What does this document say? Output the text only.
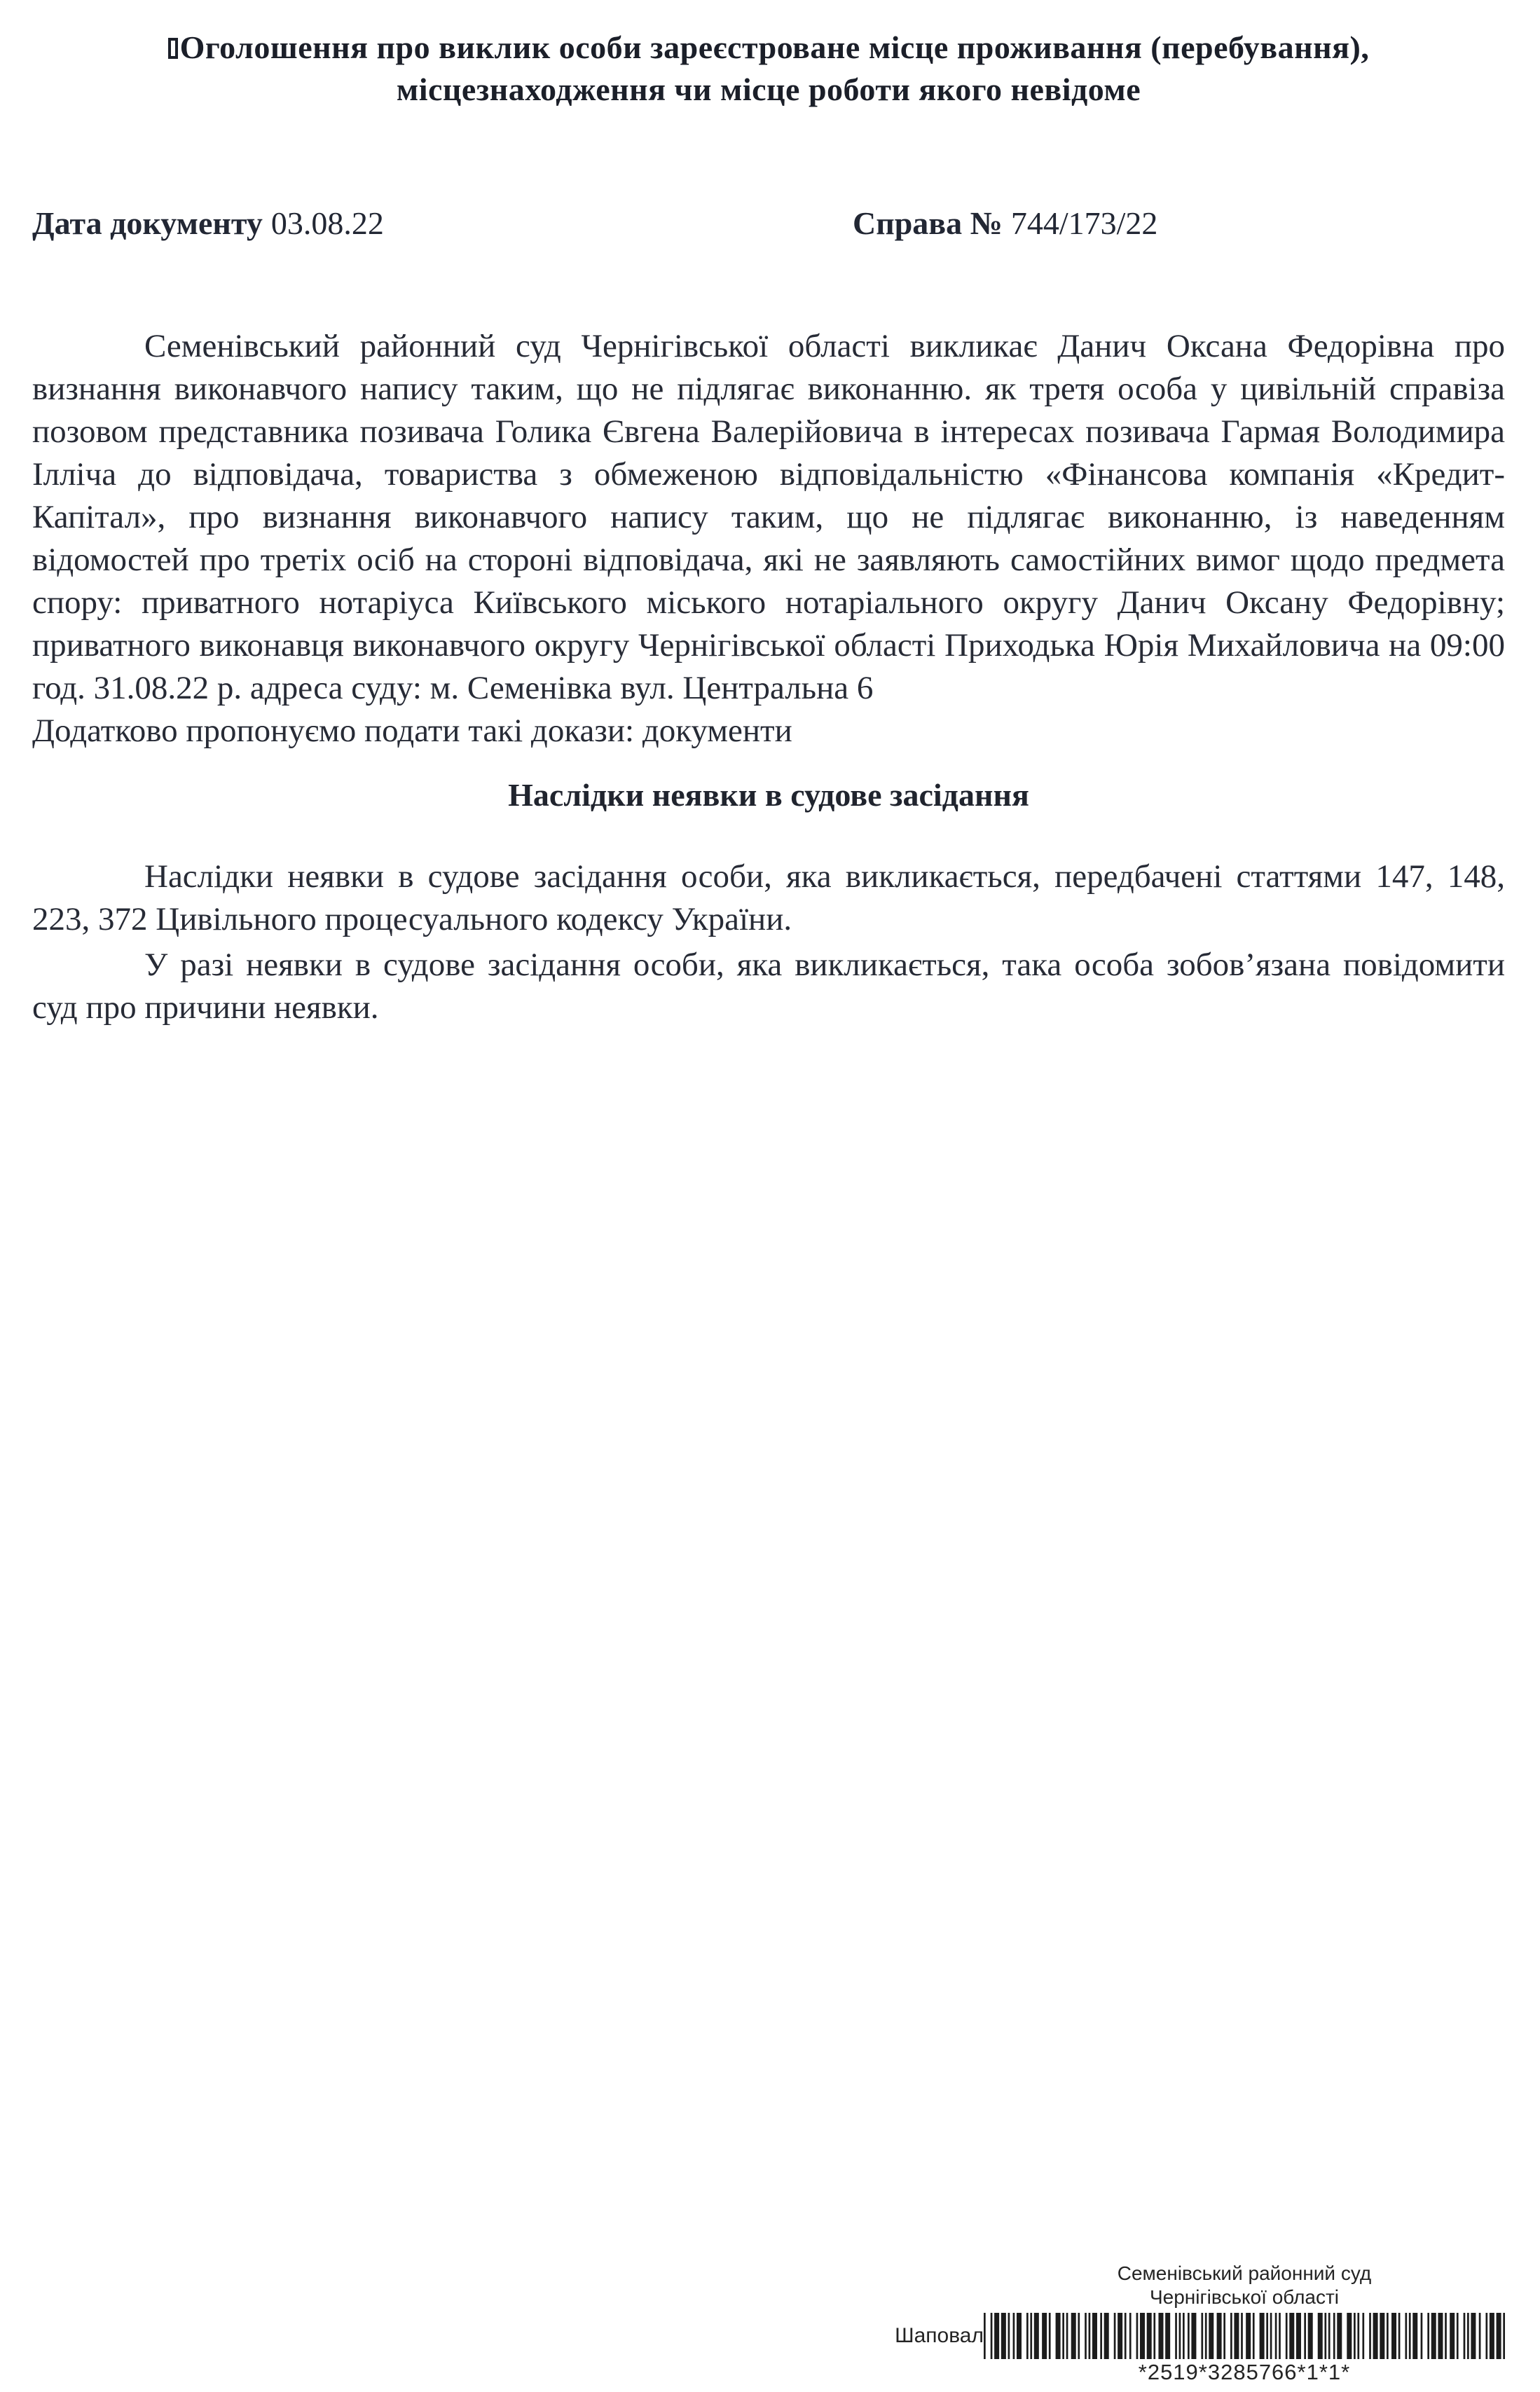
Оголошення про виклик особи зареєстроване місце проживання (перебування),
місцезнаходження чи місце роботи якого невідоме
Дата документу 03.08.22	Справа № 744/173/22

Семенівський районний суд Чернігівської області викликає Данич Оксана Федорівна про визнання виконавчого напису таким, що не підлягає виконанню. як третя особа у цивільній справіза позовом представника позивача Голика Євгена Валерійовича в інтересах позивача Гармая Володимира Ілліча до відповідача, товариства з обмеженою відповідальністю «Фінансова компанія «Кредит-Капітал», про визнання виконавчого напису таким, що не підлягає виконанню, із наведенням відомостей про третіх осіб на стороні відповідача, які не заявляють самостійних вимог щодо предмета спору: приватного нотаріуса Київського міського нотаріального округу Данич Оксану Федорівну; приватного виконавця виконавчого округу Чернігівської області Приходька Юрія Михайловича на 09:00 год. 31.08.22 р. адреса суду: м. Семенівка вул. Центральна 6

Додатково пропонуємо подати такі докази: документи

Наслідки неявки в судове засідання

Наслідки неявки в судове засідання особи, яка викликається, передбачені статтями 147, 148, 223, 372 Цивільного процесуального кодексу України.

У разі неявки в судове засідання особи, яка викликається, така особа зобов’язана повідомити суд про причини неявки.

Семенівський районний суд
Чернігівської області
Шаповал
*2519*3285766*1*1*
